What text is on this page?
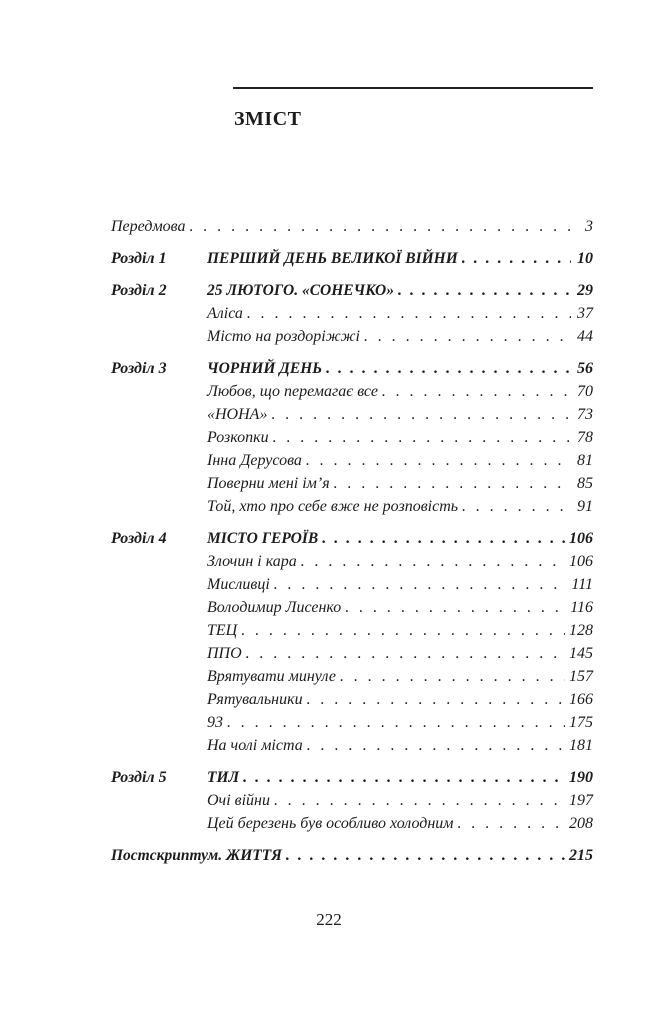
ЗМІСТ
Передмова . . .	3
Розділ 1	ПЕРШИЙ ДЕНЬ ВЕЛИКОЇ ВІЙНИ . . .	10
Розділ 2	25 ЛЮТОГО. «СОНЕЧКО» . . .	29
Аліса . . .	37
Місто на роздоріжжі . . .	44
Розділ 3	ЧОРНИЙ ДЕНЬ . . .	56
Любов, що перемагає все . . .	70
«НОНА» . . .	73
Розкопки . . .	78
Інна Дерусова . . .	81
Поверни мені ім’я . . .	85
Той, хто про себе вже не розповість . . .	91
Розділ 4	МІСТО ГЕРОЇВ . . .	106
Злочин і кара . . .	106
Мисливці . . .	111
Володимир Лисенко . . .	116
ТЕЦ . . .	128
ППО . . .	145
Врятувати минуле . . .	157
Рятувальники . . .	166
93 . . .	175
На чолі міста . . .	181
Розділ 5	ТИЛ . . .	190
Очі війни . . .	197
Цей березень був особливо холодним . . .	208
Постскриптум. ЖИТТЯ . . .	215
222
